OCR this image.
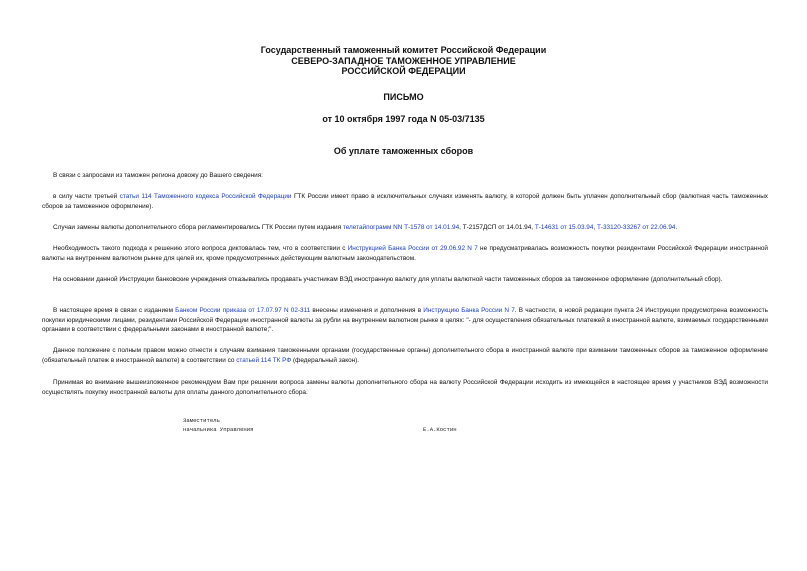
Государственный таможенный комитет Российской Федерации
СЕВЕРО-ЗАПАДНОЕ ТАМОЖЕННОЕ УПРАВЛЕНИЕ
РОССИЙСКОЙ ФЕДЕРАЦИИ
ПИСЬМО
от 10 октября 1997 года N 05-03/7135
Об уплате таможенных сборов
В связи с запросами из таможен региона довожу до Вашего сведения:
в силу части третьей статьи 114 Таможенного кодекса Российской Федерации ГТК России имеет право в исключительных случаях изменять валюту, в которой должен быть уплачен дополнительный сбор (валютная часть таможенных сборов за таможенное оформление).
Случаи замены валюты дополнительного сбора регламентировались ГТК России путем издания телетайпограмм NN Т-1578 от 14.01.94, Т-2157ДСП от 14.01.94, Т-14631 от 15.03.94, Т-33120-33267 от 22.06.94.
Необходимость такого подхода к решению этого вопроса диктовалась тем, что в соответствии с Инструкцией Банка России от 29.06.92 N 7 не предусматривалась возможность покупки резидентами Российской Федерации иностранной валюты на внутреннем валютном рынке для целей их, кроме предусмотренных действующим валютным законодательством.
На основании данной Инструкции банковские учреждения отказывались продавать участникам ВЭД иностранную валюту для уплаты валютной части таможенных сборов за таможенное оформление (дополнительный сбор).
В настоящее время в связи с изданием Банком России приказа от 17.07.97 N 02-311 внесены изменения и дополнения в Инструкцию Банка России N 7. В частности, в новой редакции пункта 24 Инструкции предусмотрена возможность покупки юридическими лицами, резидентами Российской Федерации иностранной валюты за рубли на внутреннем валютном рынке в целях: "- для осуществления обязательных платежей в иностранной валюте, взимаемых государственными органами в соответствии с федеральными законами в иностранной валюте;".
Данное положение с полным правом можно отнести к случаям взимания таможенными органами (государственные органы) дополнительного сбора в иностранной валюте при взимании таможенных сборов за таможенное оформление (обязательный платеж в иностранной валюте) в соответствии со статьей 114 ТК РФ (федеральный закон).
Принимая во внимание вышеизложенное рекомендуем Вам при решении вопроса замены валюты дополнительного сбора на валюту Российской Федерации исходить из имеющейся в настоящее время у участников ВЭД возможности осуществлять покупку иностранной валюты для оплаты данного дополнительного сбора.
Заместитель
начальника Управления	Е.А.Костин
